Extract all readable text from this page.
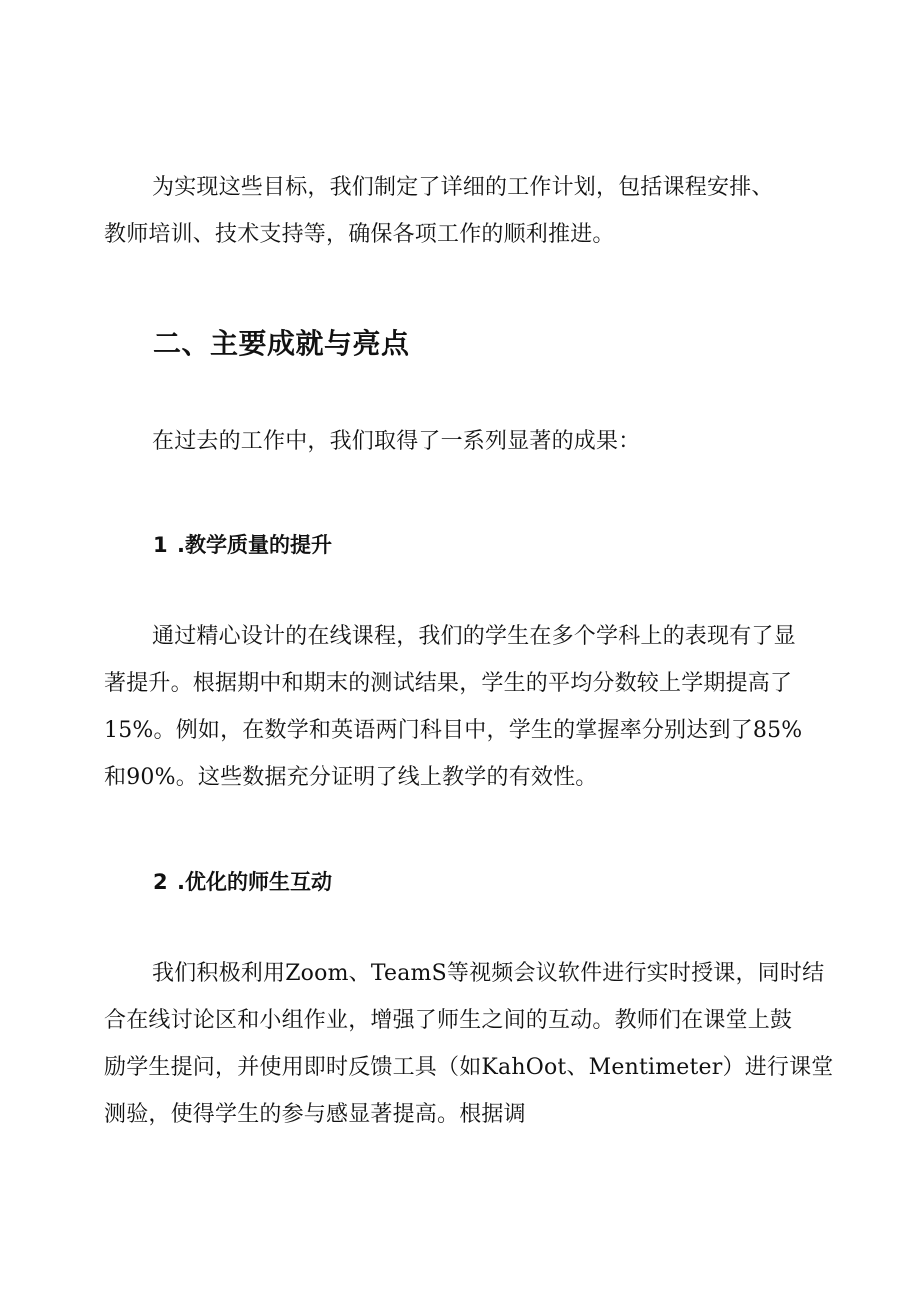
为实现这些目标，我们制定了详细的工作计划，包括课程安排、
教师培训、技术支持等，确保各项工作的顺利推进。

二、主要成就与亮点

在过去的工作中，我们取得了一系列显著的成果：

1 .教学质量的提升

通过精心设计的在线课程，我们的学生在多个学科上的表现有了显
著提升。根据期中和期末的测试结果，学生的平均分数较上学期提高了
15%。例如，在数学和英语两门科目中，学生的掌握率分别达到了85%
和90%。这些数据充分证明了线上教学的有效性。

2 .优化的师生互动

我们积极利用Zoom、TeamS等视频会议软件进行实时授课，同时结
合在线讨论区和小组作业，增强了师生之间的互动。教师们在课堂上鼓
励学生提问，并使用即时反馈工具（如KahOot、Mentimeter）进行课堂
测验，使得学生的参与感显著提高。根据调
